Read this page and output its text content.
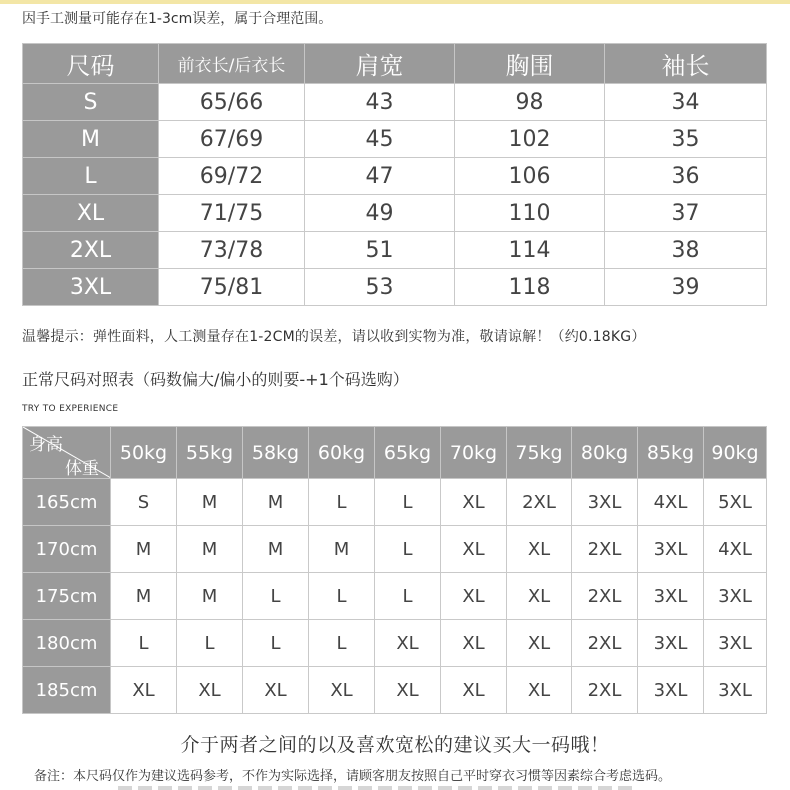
因手工测量可能存在1-3cm误差，属于合理范围。
尺码	前衣长/后衣长	肩宽	胸围	袖长
S	65/66	43	98	34
M	67/69	45	102	35
L	69/72	47	106	36
XL	71/75	49	110	37
2XL	73/78	51	114	38
3XL	75/81	53	118	39
温馨提示：弹性面料，人工测量存在1-2CM的误差，请以收到实物为准，敬请谅解！（约0.18KG）
正常尺码对照表（码数偏大/偏小的则要-+1个码选购）
TRY TO EXPERIENCE
身高
体重	50kg	55kg	58kg	60kg	65kg	70kg	75kg	80kg	85kg	90kg
165cm	S	M	M	L	L	XL	2XL	3XL	4XL	5XL
170cm	M	M	M	M	L	XL	XL	2XL	3XL	4XL
175cm	M	M	L	L	L	XL	XL	2XL	3XL	3XL
180cm	L	L	L	L	XL	XL	XL	2XL	3XL	3XL
185cm	XL	XL	XL	XL	XL	XL	XL	2XL	3XL	3XL
介于两者之间的以及喜欢宽松的建议买大一码哦！
备注：本尺码仅作为建议选码参考，不作为实际选择，请顾客朋友按照自己平时穿衣习惯等因素综合考虑选码。
